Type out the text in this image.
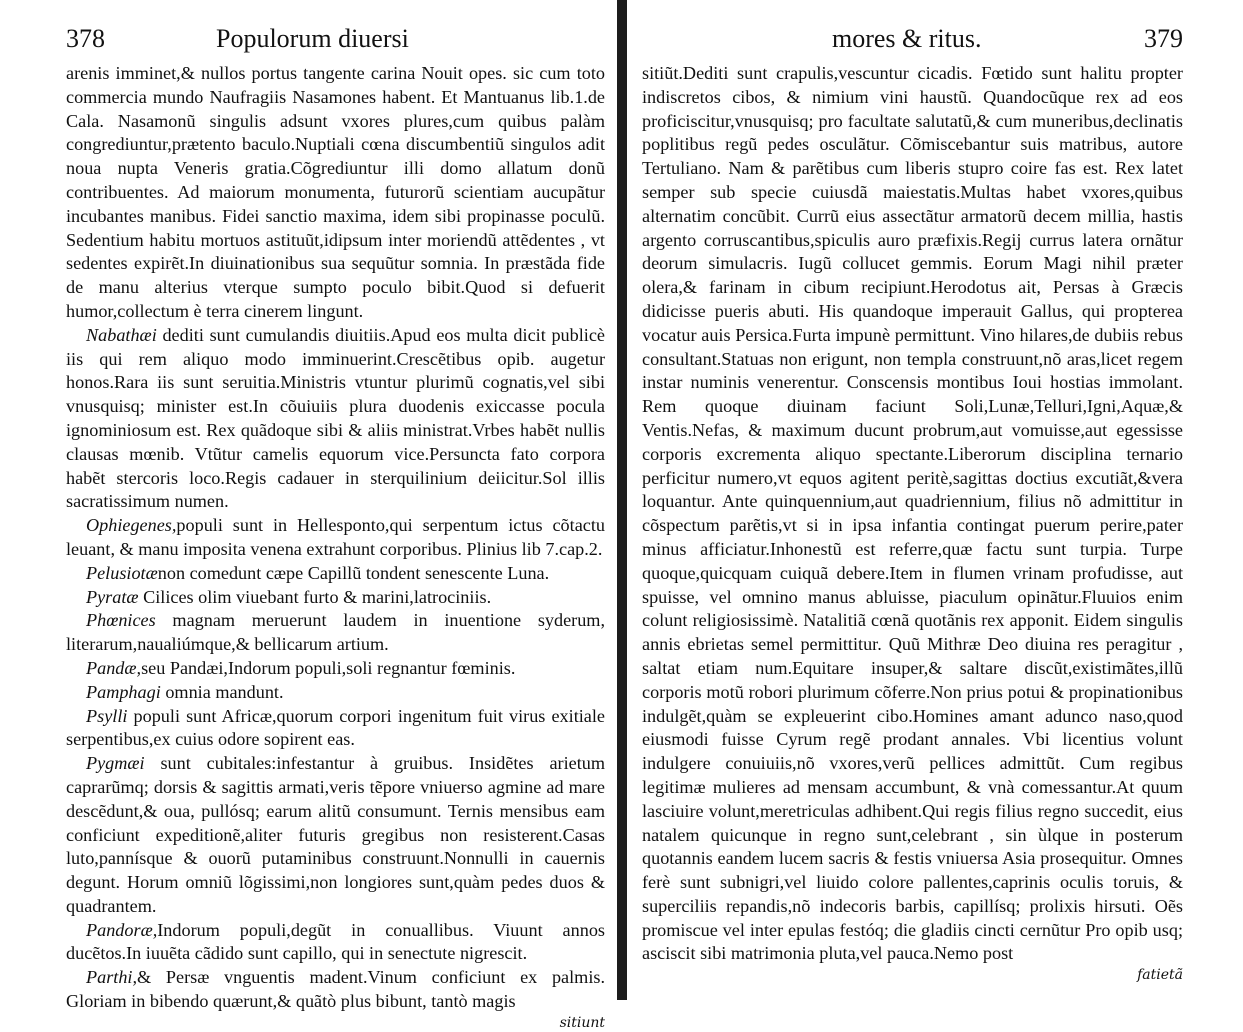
378	Populorum diuersi

arenis imminet,& nullos portus tangente carina Nouit opes. sic cum toto commercia mundo Naufragiis Nasamones habent. Et Mantuanus lib.1.de Cala. Nasamonũ singulis adsunt vxores plures,cum quibus palàm congrediuntur,prætento baculo.Nuptiali cœna discumbentiũ singulos adit noua nupta Veneris gratia.Cõgrediuntur illi domo allatum donũ contribuentes. Ad maiorum monumenta, futurorũ scientiam aucupãtur incubantes manibus. Fidei sanctio maxima, idem sibi propinasse poculũ. Sedentium habitu mortuos astituũt,idipsum inter moriendũ attẽdentes , vt sedentes expirẽt.In diuinationibus sua sequũtur somnia. In præstãda fide de manu alterius vterque sumpto poculo bibit.Quod si defuerit humor,collectum è terra cinerem lingunt.

Nabathæi dediti sunt cumulandis diuitiis.Apud eos multa dicit publicè iis qui rem aliquo modo imminuerint.Crescẽtibus opib. augetur honos.Rara iis sunt seruitia.Ministris vtuntur plurimũ cognatis,vel sibi vnusquisq; minister est.In cõuiuiis plura duodenis exiccasse pocula ignominiosum est. Rex quãdoque sibi & aliis ministrat.Vrbes habẽt nullis clausas mœnib. Vtũtur camelis equorum vice.Persuncta fato corpora habẽt stercoris loco.Regis cadauer in sterquilinium deiicitur.Sol illis sacratissimum numen.

Ophiegenes,populi sunt in Hellesponto,qui serpentum ictus cõtactu leuant, & manu imposita venena extrahunt corporibus. Plinius lib 7.cap.2.

Pelusiotænon comedunt cæpe Capillũ tondent senescente Luna.

Pyratæ Cilices olim viuebant furto & marini,latrociniis.

Phœnices magnam meruerunt laudem in inuentione syderum, literarum,naualiúmque,& bellicarum artium.

Pandæ,seu Pandæi,Indorum populi,soli regnantur fœminis.

Pamphagi omnia mandunt.

Psylli populi sunt Africæ,quorum corpori ingenitum fuit virus exitiale serpentibus,ex cuius odore sopirent eas.

Pygmæi sunt cubitales:infestantur à gruibus. Insidẽtes arietum caprarũmq; dorsis & sagittis armati,veris tẽpore vniuerso agmine ad mare descẽdunt,& oua, pullósq; earum alitũ consumunt. Ternis mensibus eam conficiunt expeditionẽ,aliter futuris gregibus non resisterent.Casas luto,pannísque & ouorũ putaminibus construunt.Nonnulli in cauernis degunt. Horum omniũ lõgissimi,non longiores sunt,quàm pedes duos & quadrantem.

Pandoræ,Indorum populi,degũt in conuallibus. Viuunt annos ducẽtos.In iuuẽta cãdido sunt capillo, qui in senectute nigrescit.

Parthi,& Persæ vnguentis madent.Vinum conficiunt ex palmis. Gloriam in bibendo quærunt,& quãtò plus bibunt, tantò magis

sitiunt
mores & ritus.	379

sitiũt.Dediti sunt crapulis,vescuntur cicadis. Fœtido sunt halitu propter indiscretos cibos, & nimium vini haustũ. Quandocũque rex ad eos proficiscitur,vnusquisq; pro facultate salutatũ,& cum muneribus,declinatis poplitibus regũ pedes osculãtur. Cõmiscebantur suis matribus, autore Tertuliano. Nam & parẽtibus cum liberis stupro coire fas est. Rex latet semper sub specie cuiusdã maiestatis.Multas habet vxores,quibus alternatim concũbit. Currũ eius assectãtur armatorũ decem millia, hastis argento corruscantibus,spiculis auro præfixis.Regij currus latera ornãtur deorum simulacris. Iugũ collucet gemmis. Eorum Magi nihil præter olera,& farinam in cibum recipiunt.Herodotus ait, Persas à Græcis didicisse pueris abuti. His quandoque imperauit Gallus, qui propterea vocatur auis Persica.Furta impunè permittunt. Vino hilares,de dubiis rebus consultant.Statuas non erigunt, non templa construunt,nõ aras,licet regem instar numinis venerentur. Conscensis montibus Ioui hostias immolant. Rem quoque diuinam faciunt Soli,Lunæ,Telluri,Igni,Aquæ,& Ventis.Nefas, & maximum ducunt probrum,aut vomuisse,aut egessisse corporis excrementa aliquo spectante.Liberorum disciplina ternario perficitur numero,vt equos agitent peritè,sagittas doctius excutiãt,&vera loquantur. Ante quinquennium,aut quadriennium, filius nõ admittitur in cõspectum parẽtis,vt si in ipsa infantia contingat puerum perire,pater minus afficiatur.Inhonestũ est referre,quæ factu sunt turpia. Turpe quoque,quicquam cuiquã debere.Item in flumen vrinam profudisse, aut spuisse, vel omnino manus abluisse, piaculum opinãtur.Fluuios enim colunt religiosissimè. Natalitiã cœnã quotãnis rex apponit. Eidem singulis annis ebrietas semel permittitur. Quũ Mithræ Deo diuina res peragitur , saltat etiam num.Equitare insuper,& saltare discũt,existimãtes,illũ corporis motũ robori plurimum cõferre.Non prius potui & propinationibus indulgẽt,quàm se expleuerint cibo.Homines amant adunco naso,quod eiusmodi fuisse Cyrum regẽ prodant annales. Vbi licentius volunt indulgere conuiuiis,nõ vxores,verũ pellices admittũt. Cum regibus legitimæ mulieres ad mensam accumbunt, & vnà comessantur.At quum lasciuire volunt,meretriculas adhibent.Qui regis filius regno succedit, eius natalem quicunque in regno sunt,celebrant , sin ùlque in posterum quotannis eandem lucem sacris & festis vniuersa Asia prosequitur. Omnes ferè sunt subnigri,vel liuido colore pallentes,caprinis oculis toruis, & superciliis repandis,nõ indecoris barbis, capillísq; prolixis hirsuti. Oẽs promiscue vel inter epulas festóq; die gladiis cincti cernũtur Pro opib usq; asciscit sibi matrimonia pluta,vel pauca.Nemo post

fatietã
